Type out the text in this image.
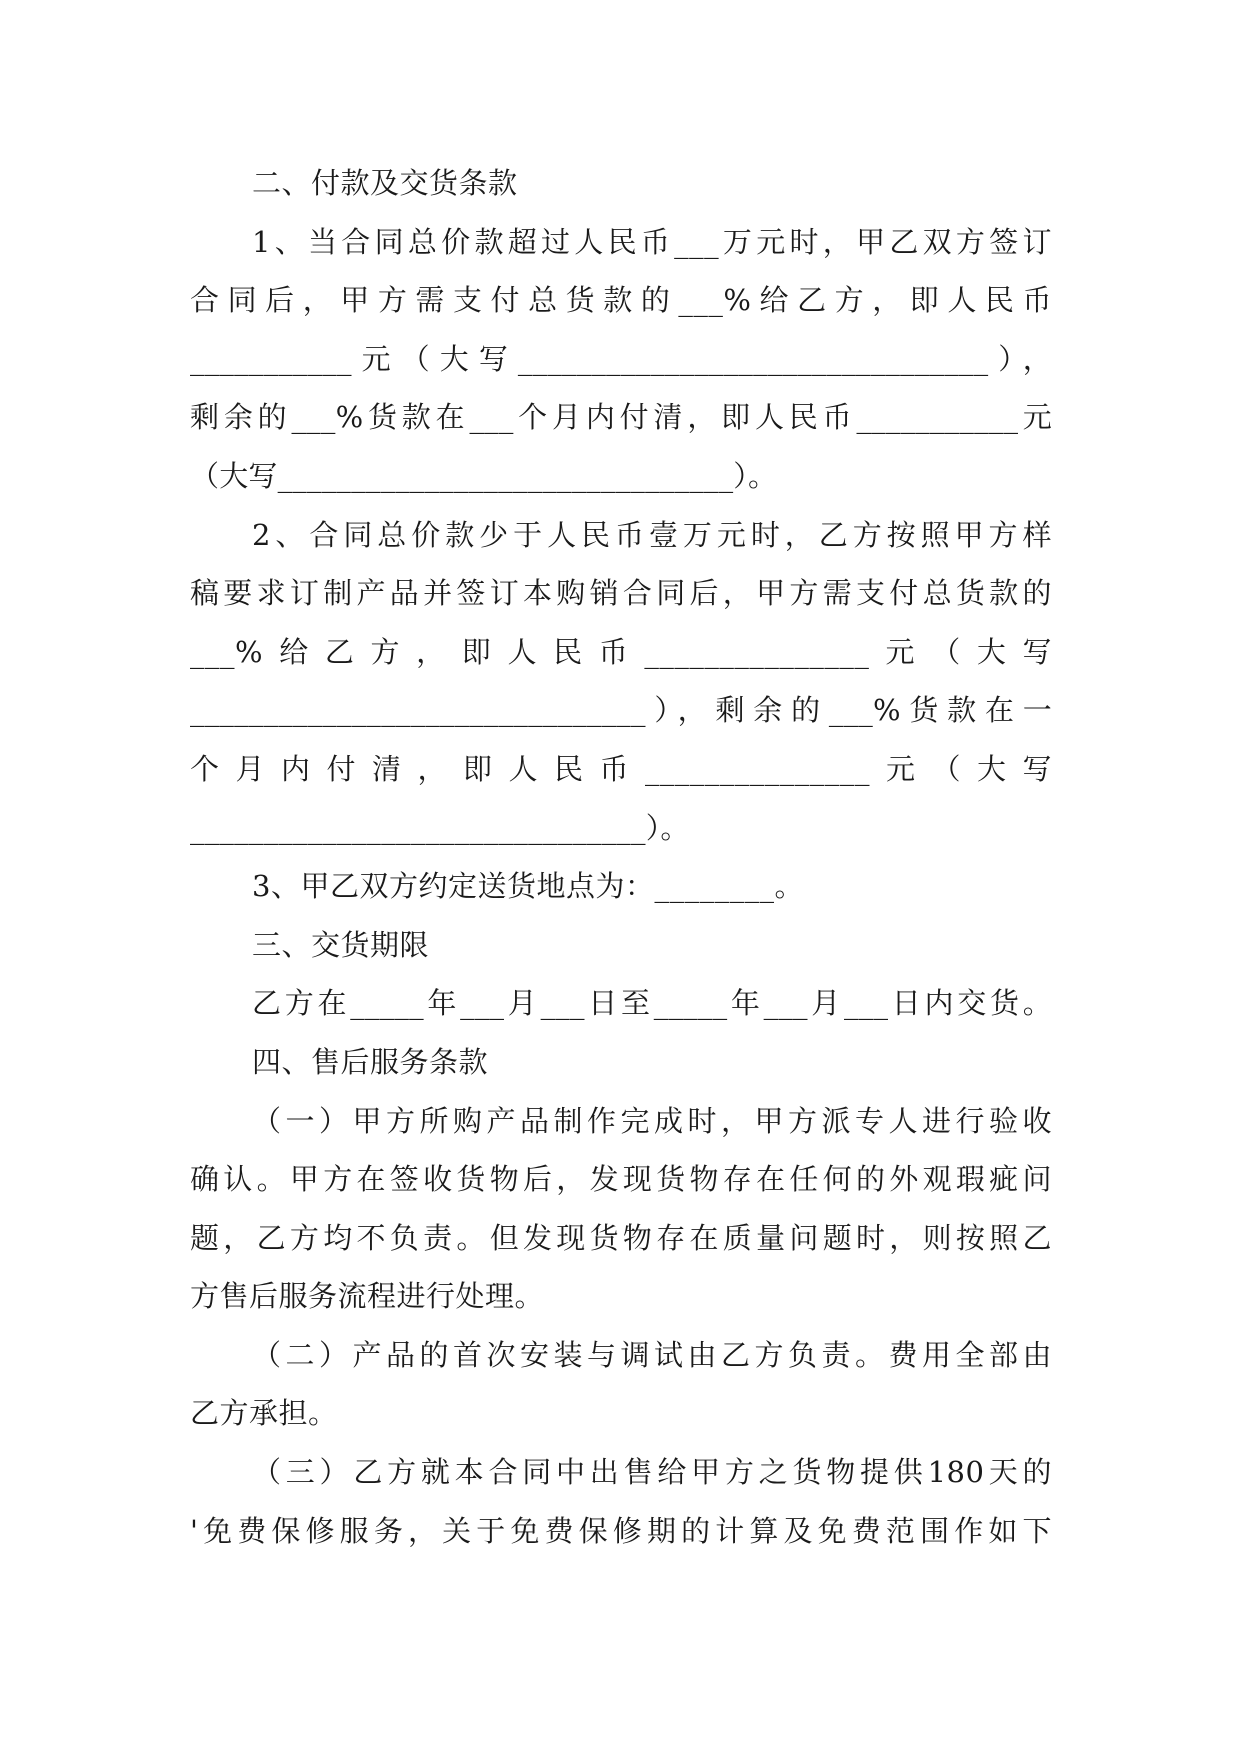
二、付款及交货条款
1、当合同总价款超过人民币___万元时，甲乙双方签订
合同后，甲方需支付总货款的___%给乙方，即人民币
___________元（大写________________________________），
剩余的___%货款在___个月内付清，即人民币___________元
（大写_______________________________）。
2、合同总价款少于人民币壹万元时，乙方按照甲方样
稿要求订制产品并签订本购销合同后，甲方需支付总货款的
___%给乙方，即人民币_______________元（大写
_______________________________），剩余的___%货款在一
个月内付清，即人民币_______________元（大写
_______________________________）。
3、甲乙双方约定送货地点为：________。
三、交货期限
乙方在_____年___月___日至_____年___月___日内交货。
四、售后服务条款
（一）甲方所购产品制作完成时，甲方派专人进行验收
确认。甲方在签收货物后，发现货物存在任何的外观瑕疵问
题，乙方均不负责。但发现货物存在质量问题时，则按照乙
方售后服务流程进行处理。
（二）产品的首次安装与调试由乙方负责。费用全部由
乙方承担。
（三）乙方就本合同中出售给甲方之货物提供180天的
'免费保修服务，关于免费保修期的计算及免费范围作如下
